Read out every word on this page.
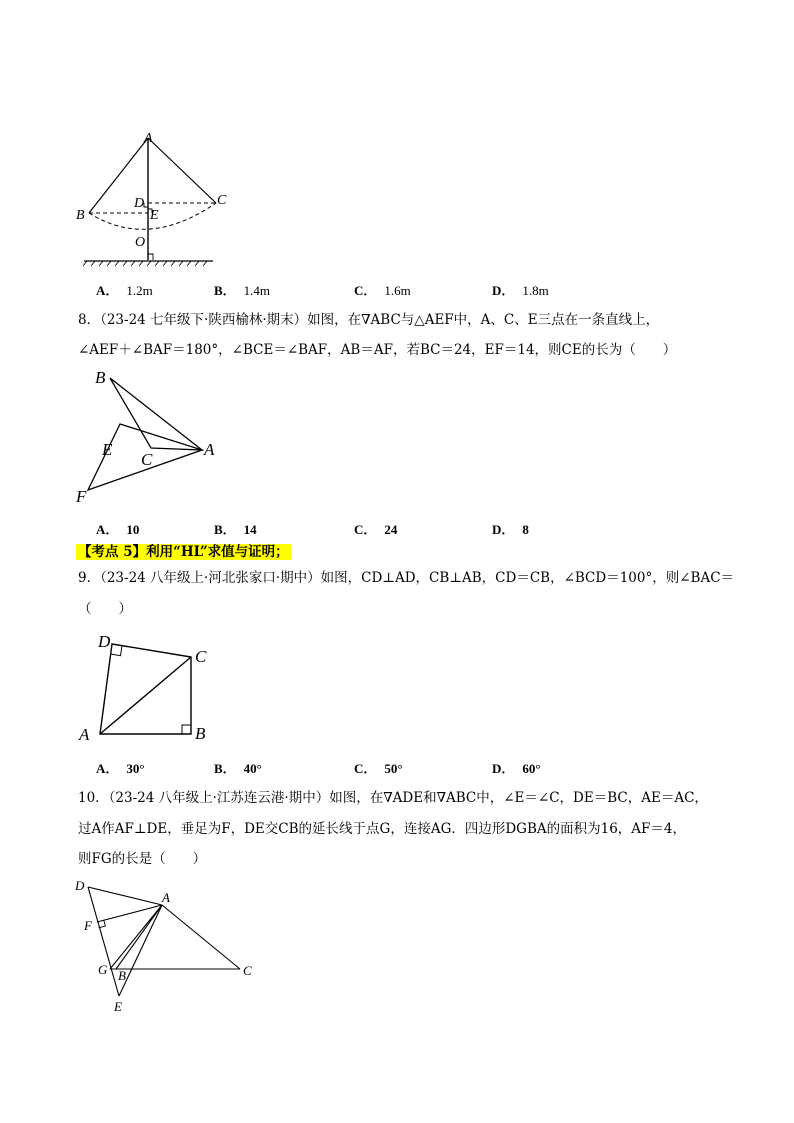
A
B
C
D
E
O
A． 1.2m	B． 1.4m	C． 1.6m	D． 1.8m
8．（23-24 七年级下·陕西榆林·期末）如图，在∇ABC与△AEF中，A、C、E三点在一条直线上，
∠AEF＋∠BAF＝180°，∠BCE＝∠BAF，AB＝AF，若BC＝24，EF＝14，则CE的长为（　　）
B
E
C
A
F
A． 10	B． 14	C． 24	D． 8
【考点 5】利用“HL”求值与证明；
9．（23-24 八年级上·河北张家口·期中）如图，CD⊥AD，CB⊥AB，CD＝CB，∠BCD＝100°，则∠BAC＝
（　　）
D
C
A	B
A． 30°	B． 40°	C． 50°	D． 60°
10．（23-24 八年级上·江苏连云港·期中）如图，在∇ADE和∇ABC中，∠E＝∠C，DE＝BC，AE＝AC，
过A作AF⊥DE，垂足为F，DE交CB的延长线于点G，连接AG．四边形DGBA的面积为16，AF＝4，
则FG的长是（　　）
D
A
F
G B	C
E
